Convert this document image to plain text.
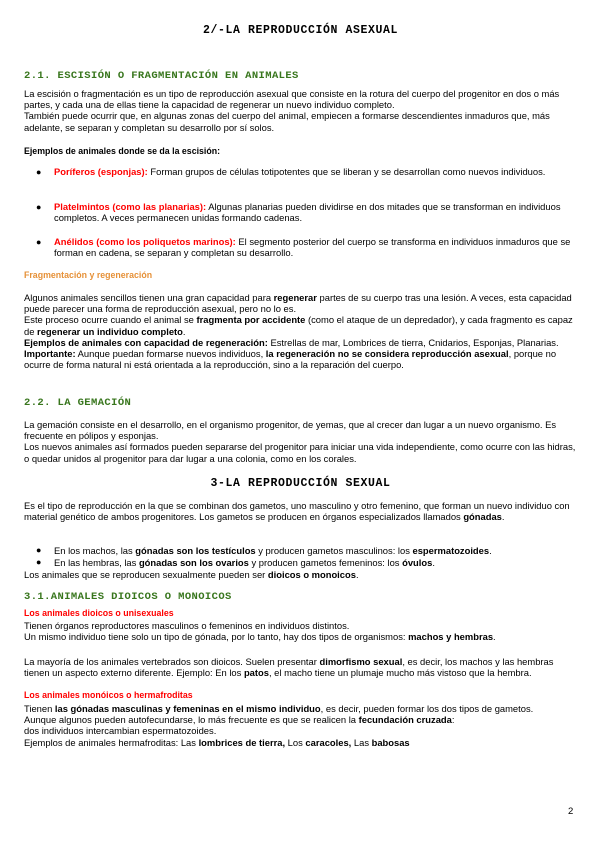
2/-LA REPRODUCCIÓN ASEXUAL
2.1. ESCISIÓN O FRAGMENTACIÓN EN ANIMALES

La escisión o fragmentación es un tipo de reproducción asexual que consiste en la rotura del cuerpo del progenitor en dos o más partes, y cada una de ellas tiene la capacidad de regenerar un nuevo individuo completo.
También puede ocurrir que, en algunas zonas del cuerpo del animal, empiecen a formarse descendientes inmaduros que, más adelante, se separan y completan su desarrollo por sí solos.

Ejemplos de animales donde se da la escisión:
● Poríferos (esponjas): Forman grupos de células totipotentes que se liberan y se desarrollan como nuevos individuos.

● Platelmintos (como las planarias): Algunas planarias pueden dividirse en dos mitades que se transforman en individuos completos. A veces permanecen unidas formando cadenas.

● Anélidos (como los poliquetos marinos): El segmento posterior del cuerpo se transforma en individuos inmaduros que se forman en cadena, se separan y completan su desarrollo.

Fragmentación y regeneración

Algunos animales sencillos tienen una gran capacidad para regenerar partes de su cuerpo tras una lesión. A veces, esta capacidad puede parecer una forma de reproducción asexual, pero no lo es.
Este proceso ocurre cuando el animal se fragmenta por accidente (como el ataque de un depredador), y cada fragmento es capaz de regenerar un individuo completo.
Ejemplos de animales con capacidad de regeneración: Estrellas de mar, Lombrices de tierra, Cnidarios, Esponjas, Planarias.
Importante: Aunque puedan formarse nuevos individuos, la regeneración no se considera reproducción asexual, porque no ocurre de forma natural ni está orientada a la reproducción, sino a la reparación del cuerpo.

2.2. LA GEMACIÓN

La gemación consiste en el desarrollo, en el organismo progenitor, de yemas, que al crecer dan lugar a un nuevo organismo. Es frecuente en pólipos y esponjas.
Los nuevos animales así formados pueden separarse del progenitor para iniciar una vida independiente, como ocurre con las hidras, o quedar unidos al progenitor para dar lugar a una colonia, como en los corales.

3-LA REPRODUCCIÓN SEXUAL

Es el tipo de reproducción en la que se combinan dos gametos, uno masculino y otro femenino, que forman un nuevo individuo con material genético de ambos progenitores. Los gametos se producen en órganos especializados llamados gónadas.

● En los machos, las gónadas son los testículos y producen gametos masculinos: los espermatozoides.

● En las hembras, las gónadas son los ovarios y producen gametos femeninos: los óvulos.

Los animales que se reproducen sexualmente pueden ser dioicos o monoicos.

3.1.ANIMALES DIOICOS O MONOICOS
Los animales dioicos o unisexuales

Tienen órganos reproductores masculinos o femeninos en individuos distintos.
Un mismo individuo tiene solo un tipo de gónada, por lo tanto, hay dos tipos de organismos: machos y hembras.

La mayoría de los animales vertebrados son dioicos. Suelen presentar dimorfismo sexual, es decir, los machos y las hembras tienen un aspecto externo diferente. Ejemplo: En los patos, el macho tiene un plumaje mucho más vistoso que la hembra.

Los animales monóicos o hermafroditas

Tienen las gónadas masculinas y femeninas en el mismo individuo, es decir, pueden formar los dos tipos de gametos.
Aunque algunos pueden autofecundarse, lo más frecuente es que se realicen la fecundación cruzada:
dos individuos intercambian espermatozoides.
Ejemplos de animales hermafroditas: Las lombrices de tierra, Los caracoles, Las babosas

2
